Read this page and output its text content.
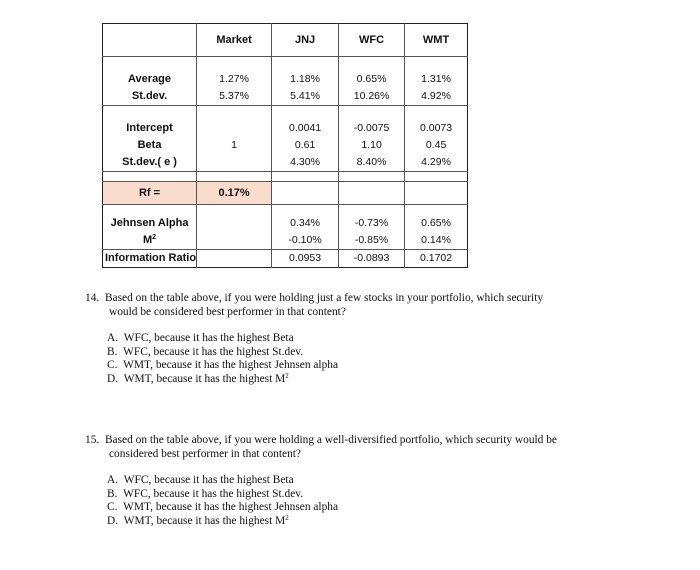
	Market	JNJ	WFC	WMT

Average	1.27%	1.18%	0.65%	1.31%
St.dev.	5.37%	5.41%	10.26%	4.92%

Intercept		0.0041	-0.0075	0.0073
Beta	1	0.61	1.10	0.45
St.dev.( e )		4.30%	8.40%	4.29%

Rf =	0.17%			

Jehnsen Alpha		0.34%	-0.73%	0.65%
$M^2$		-0.10%	-0.85%	0.14%
Information Ratio		0.0953	-0.0893	0.1702
14. Based on the table above, if you were holding just a few stocks in your portfolio, which security
would be considered best performer in that content?
A. WFC, because it has the highest Beta
B. WFC, because it has the highest St.dev.
C. WMT, because it has the highest Jehnsen alpha
D. WMT, because it has the highest $M^2$
15. Based on the table above, if you were holding a well-diversified portfolio, which security would be
considered best performer in that content?
A. WFC, because it has the highest Beta
B. WFC, because it has the highest St.dev.
C. WMT, because it has the highest Jehnsen alpha
D. WMT, because it has the highest $M^2$
